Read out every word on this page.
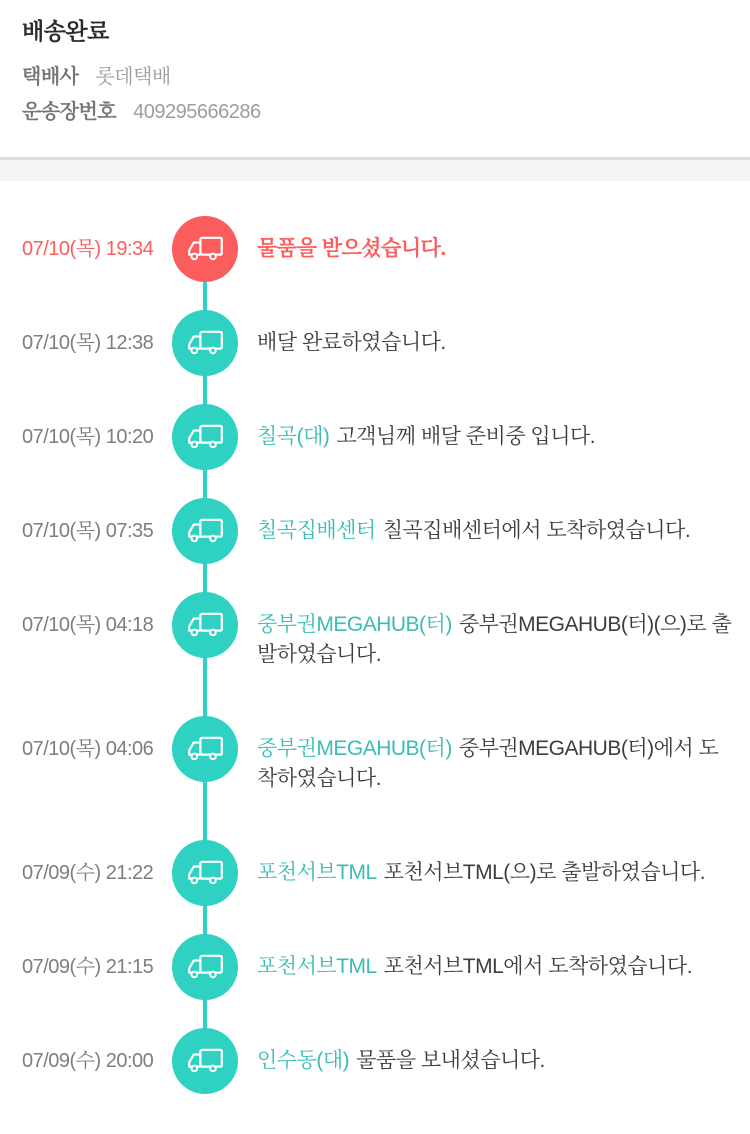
배송완료
택배사 롯데택배
운송장번호 409295666286
07/10(목) 19:34	물품을 받으셨습니다.
07/10(목) 12:38	배달 완료하였습니다.
07/10(목) 10:20	칠곡(대) 고객님께 배달 준비중 입니다.
07/10(목) 07:35	칠곡집배센터 칠곡집배센터에서 도착하였습니다.
07/10(목) 04:18	중부권MEGAHUB(터) 중부권MEGAHUB(터)(으)로 출발하였습니다.
07/10(목) 04:06	중부권MEGAHUB(터) 중부권MEGAHUB(터)에서 도착하였습니다.
07/09(수) 21:22	포천서브TML 포천서브TML(으)로 출발하였습니다.
07/09(수) 21:15	포천서브TML 포천서브TML에서 도착하였습니다.
07/09(수) 20:00	인수동(대) 물품을 보내셨습니다.
